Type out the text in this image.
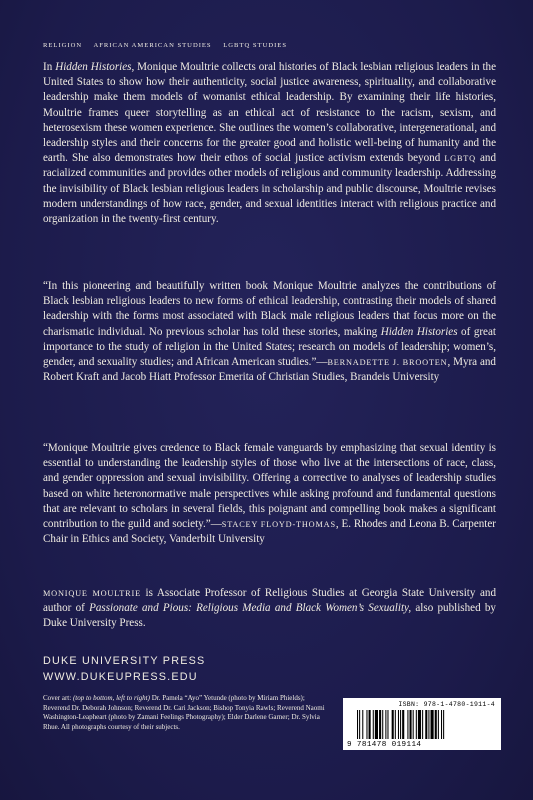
RELIGION AFRICAN AMERICAN STUDIES LGBTQ STUDIES

In Hidden Histories, Monique Moultrie collects oral histories of Black lesbian religious leaders in the United States to show how their authenticity, social justice awareness, spirituality, and collaborative leadership make them models of womanist ethical leadership. By examining their life histories, Moultrie frames queer storytelling as an ethical act of resistance to the racism, sexism, and heterosexism these women experience. She outlines the women’s collaborative, intergenerational, and leadership styles and their concerns for the greater good and holistic well-being of humanity and the earth. She also demonstrates how their ethos of social justice activism extends beyond LGBTQ and racialized communities and provides other models of religious and community leadership. Addressing the invisibility of Black lesbian religious leaders in scholarship and public discourse, Moultrie revises modern understandings of how race, gender, and sexual identities interact with religious practice and organization in the twenty-first century.

“In this pioneering and beautifully written book Monique Moultrie analyzes the contributions of Black lesbian religious leaders to new forms of ethical leadership, contrasting their models of shared leadership with the forms most associated with Black male religious leaders that focus more on the charismatic individual. No previous scholar has told these stories, making Hidden Histories of great importance to the study of religion in the United States; research on models of leadership; women’s, gender, and sexuality studies; and African American studies.”—BERNADETTE J. BROOTEN, Myra and Robert Kraft and Jacob Hiatt Professor Emerita of Christian Studies, Brandeis University

“Monique Moultrie gives credence to Black female vanguards by emphasizing that sexual identity is essential to understanding the leadership styles of those who live at the intersections of race, class, and gender oppression and sexual invisibility. Offering a corrective to analyses of leadership studies based on white heteronormative male perspectives while asking profound and fundamental questions that are relevant to scholars in several fields, this poignant and compelling book makes a significant contribution to the guild and society.”—STACEY FLOYD-THOMAS, E. Rhodes and Leona B. Carpenter Chair in Ethics and Society, Vanderbilt University

MONIQUE MOULTRIE is Associate Professor of Religious Studies at Georgia State University and author of Passionate and Pious: Religious Media and Black Women’s Sexuality, also published by Duke University Press.

DUKE UNIVERSITY PRESS
WWW.DUKEUPRESS.EDU
Cover art: (top to bottom, left to right) Dr. Pamela “Ayo” Yetunde (photo by Miriam Phields); Reverend Dr. Deborah Johnson; Reverend Dr. Cari Jackson; Bishop Tonyia Rawls; Reverend Naomi Washington-Leapheart (photo by Zamani Feelings Photography); Elder Darlene Garner; Dr. Sylvia Rhue. All photographs courtesy of their subjects.
ISBN: 978-1-4780-1911-4
9 781478 019114
